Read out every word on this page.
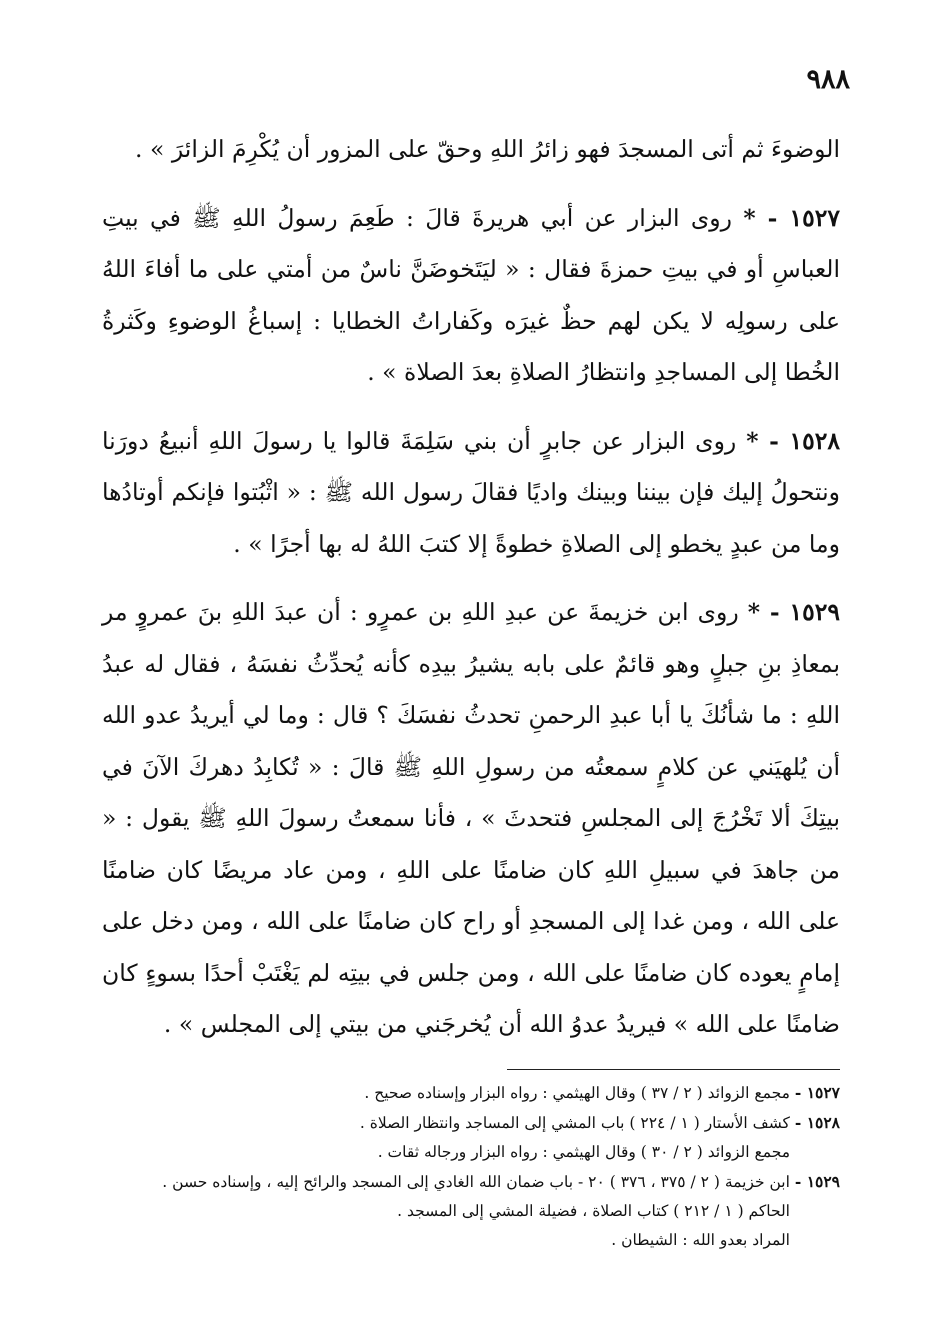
٩٨٨

الوضوءَ ثم أتى المسجدَ فهو زائرُ اللهِ وحقّ على المزور أن يُكْرِمَ الزائرَ » .

١٥٢٧ - * روى البزار عن أبي هريرةَ قالَ : طَعِمَ رسولُ اللهِ ﷺ في بيتِ العباسِ أو في بيتِ حمزةَ فقال : « ليَتَخوضَنَّ ناسٌ من أمتي على ما أفاءَ اللهُ على رسولِه لا يكن لهم حظٌ غيرَه وكَفاراتُ الخطايا : إسباغُ الوضوءِ وكَثرةُ الخُطا إلى المساجدِ وانتظارُ الصلاةِ بعدَ الصلاة » .

١٥٢٨ - * روى البزار عن جابرٍ أن بني سَلِمَةَ قالوا يا رسولَ اللهِ أنبيعُ دورَنا ونتحولُ إليك فإن بيننا وبينك واديًا فقالَ رسول الله ﷺ : « اثْبُتوا فإنكم أوتادُها وما من عبدٍ يخطو إلى الصلاةِ خطوةً إلا كتبَ اللهُ له بها أجرًا » .

١٥٢٩ - * روى ابن خزيمةَ عن عبدِ اللهِ بن عمرٍو : أن عبدَ اللهِ بنَ عمروٍ مر بمعاذِ بنِ جبلٍ وهو قائمٌ على بابه يشيرُ بيدِه كأنه يُحدِّثُ نفسَهُ ، فقال له عبدُ اللهِ : ما شأنُكَ يا أبا عبدِ الرحمنِ تحدثُ نفسَكَ ؟ قال : وما لي أيريدُ عدو الله أن يُلهيَني عن كلامٍ سمعتُه من رسولِ اللهِ ﷺ قالَ : « تُكابِدُ دهركَ الآنَ في بيتِكَ ألا تَخْرُجَ إلى المجلسِ فتحدثَ » ، فأنا سمعتُ رسولَ اللهِ ﷺ يقول : « من جاهدَ في سبيلِ اللهِ كان ضامنًا على اللهِ ، ومن عاد مريضًا كان ضامنًا على الله ، ومن غدا إلى المسجدِ أو راح كان ضامنًا على الله ، ومن دخل على إمامٍ يعوده كان ضامنًا على الله ، ومن جلس في بيتِه لم يَغْتَبْ أحدًا بسوءٍ كان ضامنًا على الله » فيريدُ عدوُ الله أن يُخرجَني من بيتي إلى المجلس » .

١٥٢٧ - مجمع الزوائد ( ٢ / ٣٧ ) وقال الهيثمي : رواه البزار وإسناده صحيح .
١٥٢٨ - كشف الأستار ( ١ / ٢٢٤ ) باب المشي إلى المساجد وانتظار الصلاة .
مجمع الزوائد ( ٢ / ٣٠ ) وقال الهيثمي : رواه البزار ورجاله ثقات .
١٥٢٩ - ابن خزيمة ( ٢ / ٣٧٥ ، ٣٧٦ ) ٢٠ - باب ضمان الله الغادي إلى المسجد والرائح إليه ، وإسناده حسن .
الحاكم ( ١ / ٢١٢ ) كتاب الصلاة ، فضيلة المشي إلى المسجد .
المراد بعدو الله : الشيطان .
